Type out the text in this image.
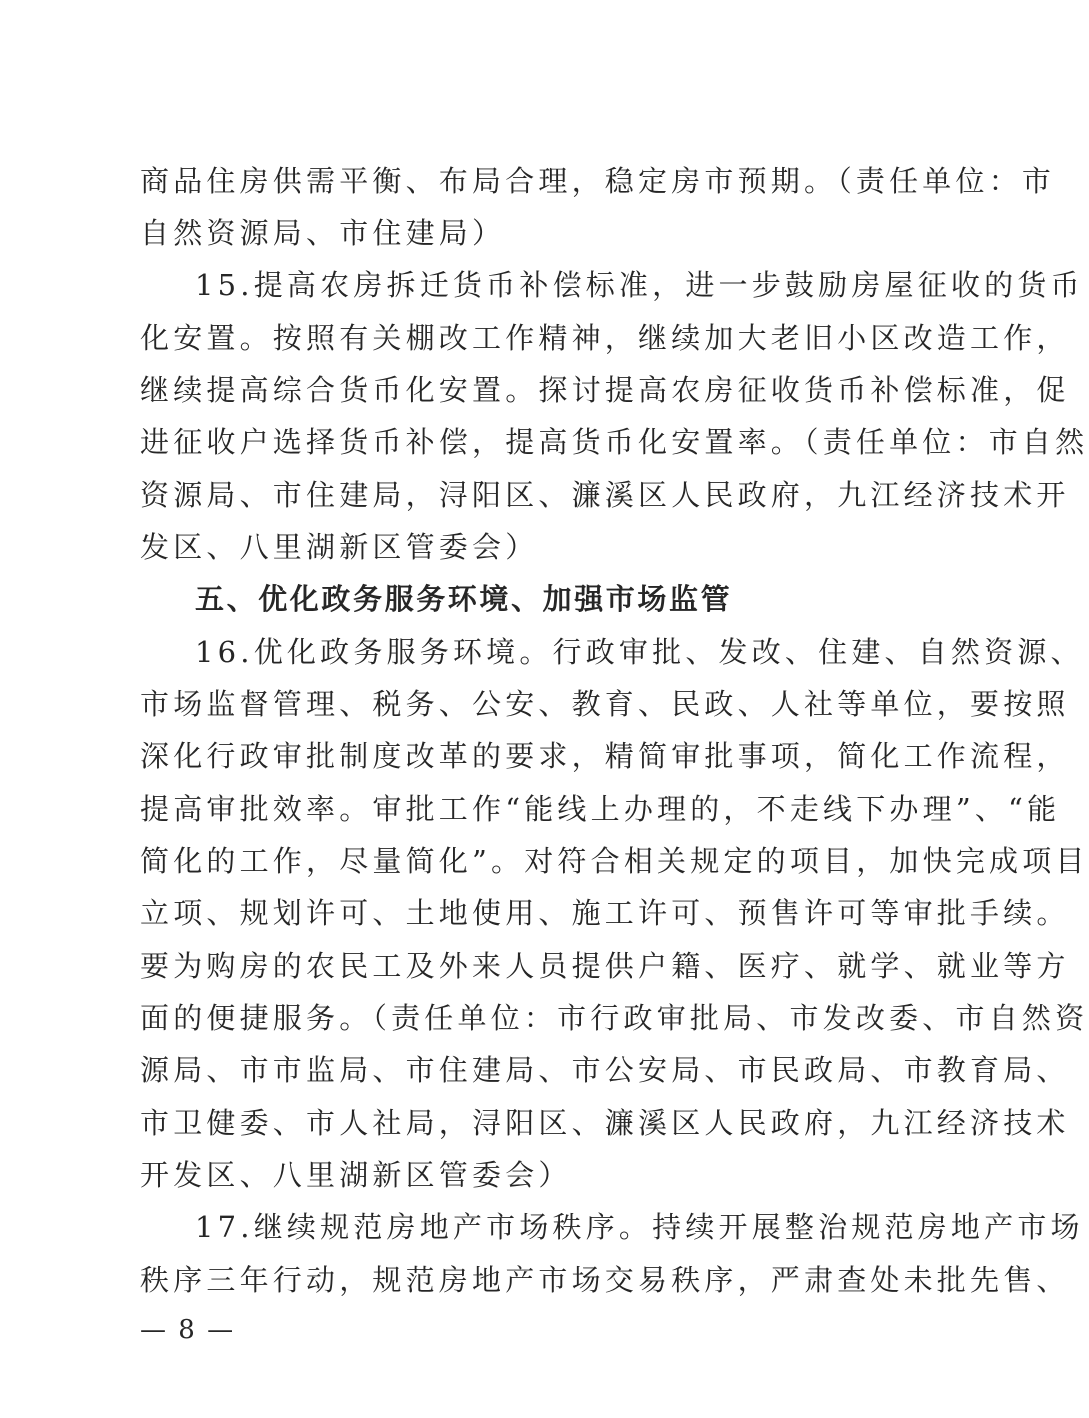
商品住房供需平衡、布局合理，稳定房市预期。（责任单位：市
自然资源局、市住建局）
15.提高农房拆迁货币补偿标准，进一步鼓励房屋征收的货币
化安置。按照有关棚改工作精神，继续加大老旧小区改造工作，
继续提高综合货币化安置。探讨提高农房征收货币补偿标准，促
进征收户选择货币补偿，提高货币化安置率。（责任单位：市自然
资源局、市住建局，浔阳区、濂溪区人民政府，九江经济技术开
发区、八里湖新区管委会）
五、优化政务服务环境、加强市场监管
16.优化政务服务环境。行政审批、发改、住建、自然资源、
市场监督管理、税务、公安、教育、民政、人社等单位，要按照
深化行政审批制度改革的要求，精简审批事项，简化工作流程，
提高审批效率。审批工作“能线上办理的，不走线下办理”、“能
简化的工作，尽量简化”。对符合相关规定的项目，加快完成项目
立项、规划许可、土地使用、施工许可、预售许可等审批手续。
要为购房的农民工及外来人员提供户籍、医疗、就学、就业等方
面的便捷服务。（责任单位：市行政审批局、市发改委、市自然资
源局、市市监局、市住建局、市公安局、市民政局、市教育局、
市卫健委、市人社局，浔阳区、濂溪区人民政府，九江经济技术
开发区、八里湖新区管委会）
17.继续规范房地产市场秩序。持续开展整治规范房地产市场
秩序三年行动，规范房地产市场交易秩序，严肃查处未批先售、
— 8 —
